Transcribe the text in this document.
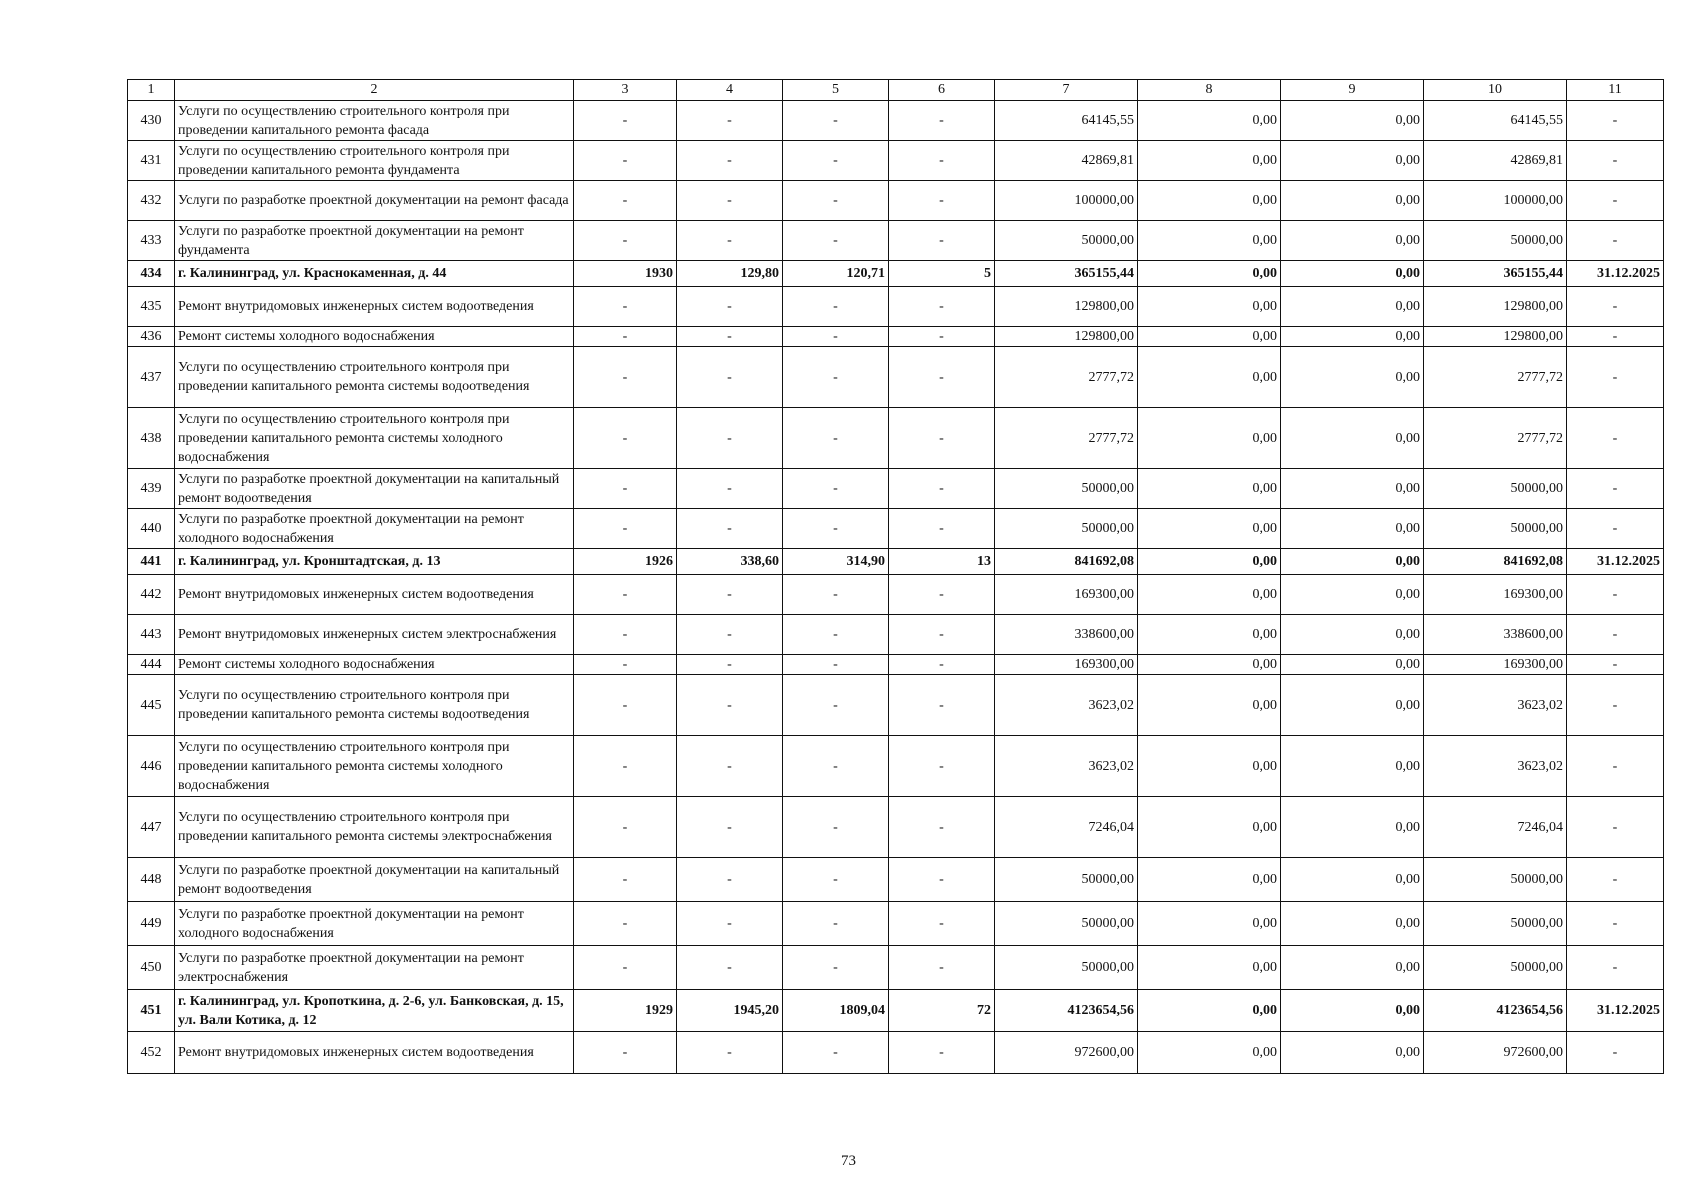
1	2	3	4	5	6	7	8	9	10	11
430	Услуги по осуществлению строительного контроля при проведении капитального ремонта фасада	-	-	-	-	64145,55	0,00	0,00	64145,55	-
431	Услуги по осуществлению строительного контроля при проведении капитального ремонта фундамента	-	-	-	-	42869,81	0,00	0,00	42869,81	-
432	Услуги по разработке проектной документации на ремонт фасада	-	-	-	-	100000,00	0,00	0,00	100000,00	-
433	Услуги по разработке проектной документации на ремонт фундамента	-	-	-	-	50000,00	0,00	0,00	50000,00	-
434	г. Калининград, ул. Краснокаменная, д. 44	1930	129,80	120,71	5	365155,44	0,00	0,00	365155,44	31.12.2025
435	Ремонт внутридомовых инженерных систем водоотведения	-	-	-	-	129800,00	0,00	0,00	129800,00	-
436	Ремонт системы холодного водоснабжения	-	-	-	-	129800,00	0,00	0,00	129800,00	-
437	Услуги по осуществлению строительного контроля при проведении капитального ремонта системы водоотведения	-	-	-	-	2777,72	0,00	0,00	2777,72	-
438	Услуги по осуществлению строительного контроля при проведении капитального ремонта системы холодного водоснабжения	-	-	-	-	2777,72	0,00	0,00	2777,72	-
439	Услуги по разработке проектной документации на капитальный ремонт водоотведения	-	-	-	-	50000,00	0,00	0,00	50000,00	-
440	Услуги по разработке проектной документации на ремонт холодного водоснабжения	-	-	-	-	50000,00	0,00	0,00	50000,00	-
441	г. Калининград, ул. Кронштадтская, д. 13	1926	338,60	314,90	13	841692,08	0,00	0,00	841692,08	31.12.2025
442	Ремонт внутридомовых инженерных систем водоотведения	-	-	-	-	169300,00	0,00	0,00	169300,00	-
443	Ремонт внутридомовых инженерных систем электроснабжения	-	-	-	-	338600,00	0,00	0,00	338600,00	-
444	Ремонт системы холодного водоснабжения	-	-	-	-	169300,00	0,00	0,00	169300,00	-
445	Услуги по осуществлению строительного контроля при проведении капитального ремонта системы водоотведения	-	-	-	-	3623,02	0,00	0,00	3623,02	-
446	Услуги по осуществлению строительного контроля при проведении капитального ремонта системы холодного водоснабжения	-	-	-	-	3623,02	0,00	0,00	3623,02	-
447	Услуги по осуществлению строительного контроля при проведении капитального ремонта системы электроснабжения	-	-	-	-	7246,04	0,00	0,00	7246,04	-
448	Услуги по разработке проектной документации на капитальный ремонт водоотведения	-	-	-	-	50000,00	0,00	0,00	50000,00	-
449	Услуги по разработке проектной документации на ремонт холодного водоснабжения	-	-	-	-	50000,00	0,00	0,00	50000,00	-
450	Услуги по разработке проектной документации на ремонт электроснабжения	-	-	-	-	50000,00	0,00	0,00	50000,00	-
451	г. Калининград, ул. Кропоткина, д. 2-6, ул. Банковская, д. 15, ул. Вали Котика, д. 12	1929	1945,20	1809,04	72	4123654,56	0,00	0,00	4123654,56	31.12.2025
452	Ремонт внутридомовых инженерных систем водоотведения	-	-	-	-	972600,00	0,00	0,00	972600,00	-
73
